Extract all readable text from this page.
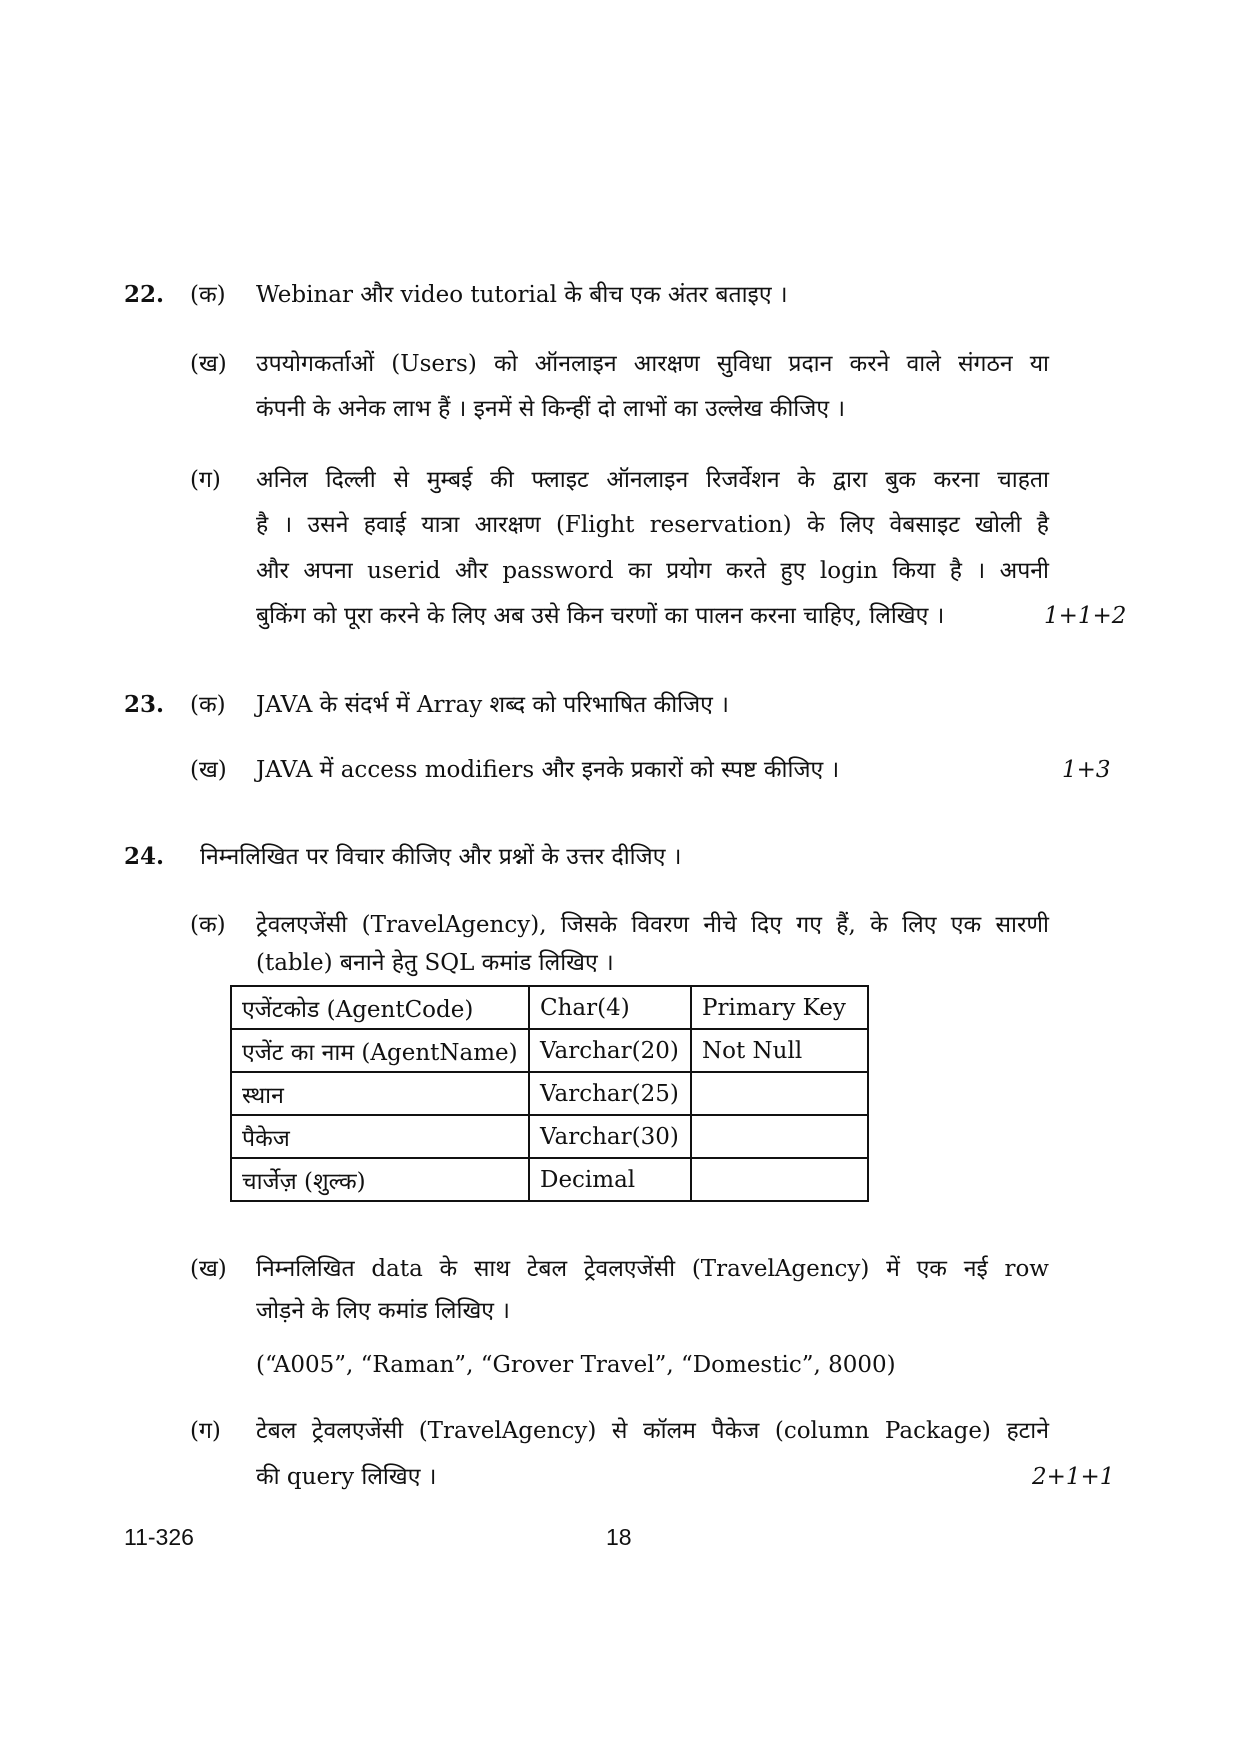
22. (क) Webinar और video tutorial के बीच एक अंतर बताइए ।
(ख) उपयोगकर्ताओं (Users) को ऑनलाइन आरक्षण सुविधा प्रदान करने वाले संगठन या
कंपनी के अनेक लाभ हैं । इनमें से किन्हीं दो लाभों का उल्लेख कीजिए ।
(ग) अनिल दिल्ली से मुम्बई की फ्लाइट ऑनलाइन रिजर्वेशन के द्वारा बुक करना चाहता
है । उसने हवाई यात्रा आरक्षण (Flight reservation) के लिए वेबसाइट खोली है
और अपना userid और password का प्रयोग करते हुए login किया है । अपनी
बुकिंग को पूरा करने के लिए अब उसे किन चरणों का पालन करना चाहिए, लिखिए ।	1+1+2
23. (क) JAVA के संदर्भ में Array शब्द को परिभाषित कीजिए ।
(ख) JAVA में access modifiers और इनके प्रकारों को स्पष्ट कीजिए ।	1+3
24. निम्नलिखित पर विचार कीजिए और प्रश्नों के उत्तर दीजिए ।
(क) ट्रेवलएजेंसी (TravelAgency), जिसके विवरण नीचे दिए गए हैं, के लिए एक सारणी
(table) बनाने हेतु SQL कमांड लिखिए ।
एजेंटकोड (AgentCode)	Char(4)	Primary Key
एजेंट का नाम (AgentName)	Varchar(20)	Not Null
स्थान	Varchar(25)	
पैकेज	Varchar(30)	
चार्जेज़ (शुल्क)	Decimal	
(ख) निम्नलिखित data के साथ टेबल ट्रेवलएजेंसी (TravelAgency) में एक नई row
जोड़ने के लिए कमांड लिखिए ।
(“A005”, “Raman”, “Grover Travel”, “Domestic”, 8000)
(ग) टेबल ट्रेवलएजेंसी (TravelAgency) से कॉलम पैकेज (column Package) हटाने
की query लिखिए ।	2+1+1
11-326	18
